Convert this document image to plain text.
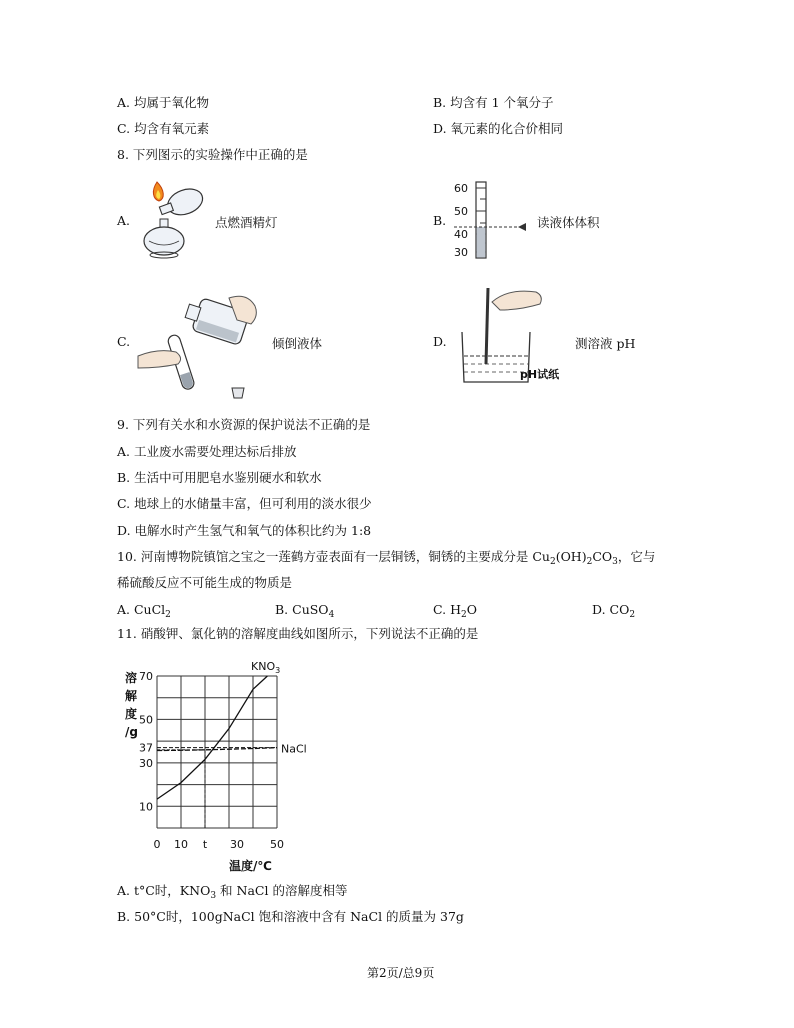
A. 均属于氧化物	B. 均含有 1 个氧分子
C. 均含有氧元素	D. 氧元素的化合价相同
8. 下列图示的实验操作中正确的是
A.	点燃酒精灯	B.
60
50
40
30
读液体体积
C.	倾倒液体	D.
pH试纸
测溶液 pH
9. 下列有关水和水资源的保护说法不正确的是
A. 工业废水需要处理达标后排放
B. 生活中可用肥皂水鉴别硬水和软水
C. 地球上的水储量丰富，但可利用的淡水很少
D. 电解水时产生氢气和氧气的体积比约为 1:8
10. 河南博物院镇馆之宝之一莲鹤方壶表面有一层铜锈，铜锈的主要成分是 $Cu_2(OH)_2CO_3$，它与
稀硫酸反应不可能生成的物质是
A. CuCl$_2$	B. CuSO$_4$	C. $H_2O$	D. $CO_2$
11. 硝酸钾、氯化钠的溶解度曲线如图所示，下列说法不正确的是
溶
解
度
/g
10
30
37
50
70
0 10 t 30 50
$KNO_3$
NaCl
温度/℃
A. t°C时，$KNO_3$ 和 NaCl 的溶解度相等
B. 50°C时，100gNaCl 饱和溶液中含有 NaCl 的质量为 37g
第2页/总9页
